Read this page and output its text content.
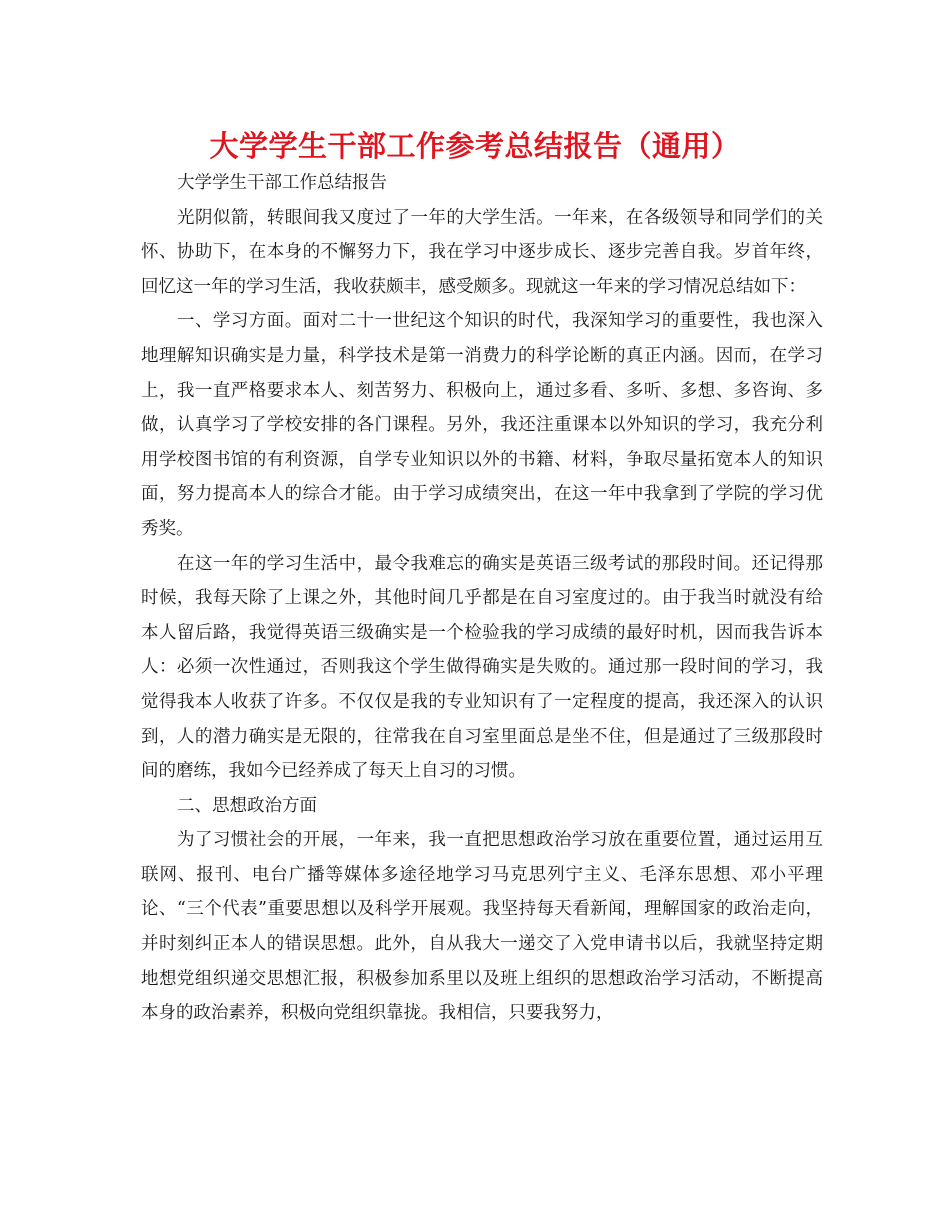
大学学生干部工作参考总结报告（通用）

大学学生干部工作总结报告

光阴似箭，转眼间我又度过了一年的大学生活。一年来，在各级领导和同学们的关怀、协助下，在本身的不懈努力下，我在学习中逐步成长、逐步完善自我。岁首年终，回忆这一年的学习生活，我收获颇丰，感受颇多。现就这一年来的学习情况总结如下：

一、学习方面。面对二十一世纪这个知识的时代，我深知学习的重要性，我也深入地理解知识确实是力量，科学技术是第一消费力的科学论断的真正内涵。因而，在学习上，我一直严格要求本人、刻苦努力、积极向上，通过多看、多听、多想、多咨询、多做，认真学习了学校安排的各门课程。另外，我还注重课本以外知识的学习，我充分利用学校图书馆的有利资源，自学专业知识以外的书籍、材料，争取尽量拓宽本人的知识面，努力提高本人的综合才能。由于学习成绩突出，在这一年中我拿到了学院的学习优秀奖。

在这一年的学习生活中，最令我难忘的确实是英语三级考试的那段时间。还记得那时候，我每天除了上课之外，其他时间几乎都是在自习室度过的。由于我当时就没有给本人留后路，我觉得英语三级确实是一个检验我的学习成绩的最好时机，因而我告诉本人：必须一次性通过，否则我这个学生做得确实是失败的。通过那一段时间的学习，我觉得我本人收获了许多。不仅仅是我的专业知识有了一定程度的提高，我还深入的认识到，人的潜力确实是无限的，往常我在自习室里面总是坐不住，但是通过了三级那段时间的磨练，我如今已经养成了每天上自习的习惯。

二、思想政治方面

为了习惯社会的开展，一年来，我一直把思想政治学习放在重要位置，通过运用互联网、报刊、电台广播等媒体多途径地学习马克思列宁主义、毛泽东思想、邓小平理论、“三个代表”重要思想以及科学开展观。我坚持每天看新闻，理解国家的政治走向，并时刻纠正本人的错误思想。此外，自从我大一递交了入党申请书以后，我就坚持定期地想党组织递交思想汇报，积极参加系里以及班上组织的思想政治学习活动，不断提高本身的政治素养，积极向党组织靠拢。我相信，只要我努力，
